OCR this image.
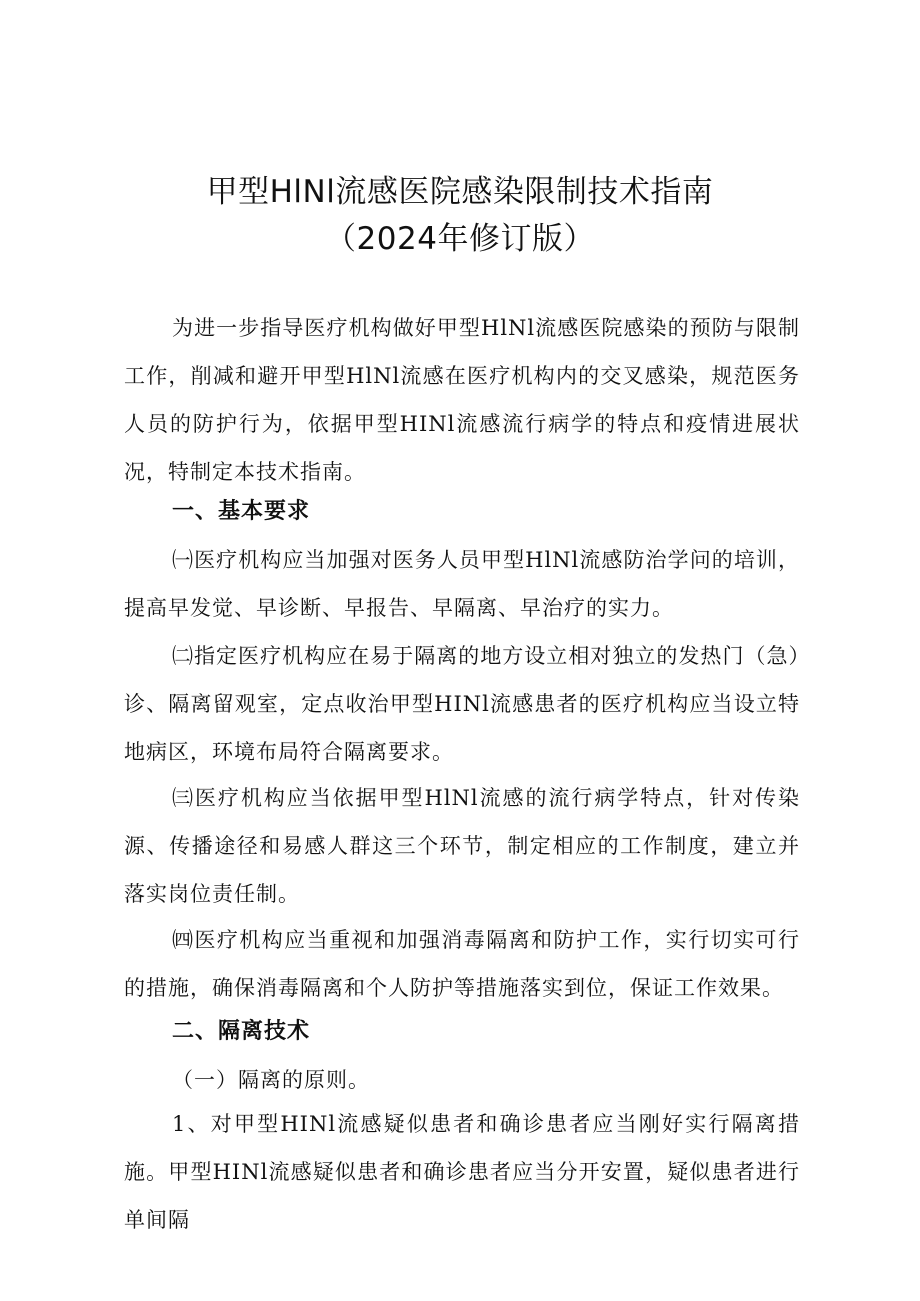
甲型HlNl流感医院感染限制技术指南
（2024年修订版）
为进一步指导医疗机构做好甲型HlNl流感医院感染的预防与限制工作，削减和避开甲型HlNl流感在医疗机构内的交叉感染，规范医务人员的防护行为，依据甲型HINl流感流行病学的特点和疫情进展状况，特制定本技术指南。
一、基本要求
㈠医疗机构应当加强对医务人员甲型HlNl流感防治学问的培训，提高早发觉、早诊断、早报告、早隔离、早治疗的实力。
㈡指定医疗机构应在易于隔离的地方设立相对独立的发热门（急）诊、隔离留观室，定点收治甲型HINl流感患者的医疗机构应当设立特地病区，环境布局符合隔离要求。
㈢医疗机构应当依据甲型HlNl流感的流行病学特点，针对传染源、传播途径和易感人群这三个环节，制定相应的工作制度，建立并落实岗位责任制。
㈣医疗机构应当重视和加强消毒隔离和防护工作，实行切实可行的措施，确保消毒隔离和个人防护等措施落实到位，保证工作效果。
二、隔离技术
（一）隔离的原则。
1、对甲型HINl流感疑似患者和确诊患者应当刚好实行隔离措施。甲型HINl流感疑似患者和确诊患者应当分开安置，疑似患者进行单间隔
